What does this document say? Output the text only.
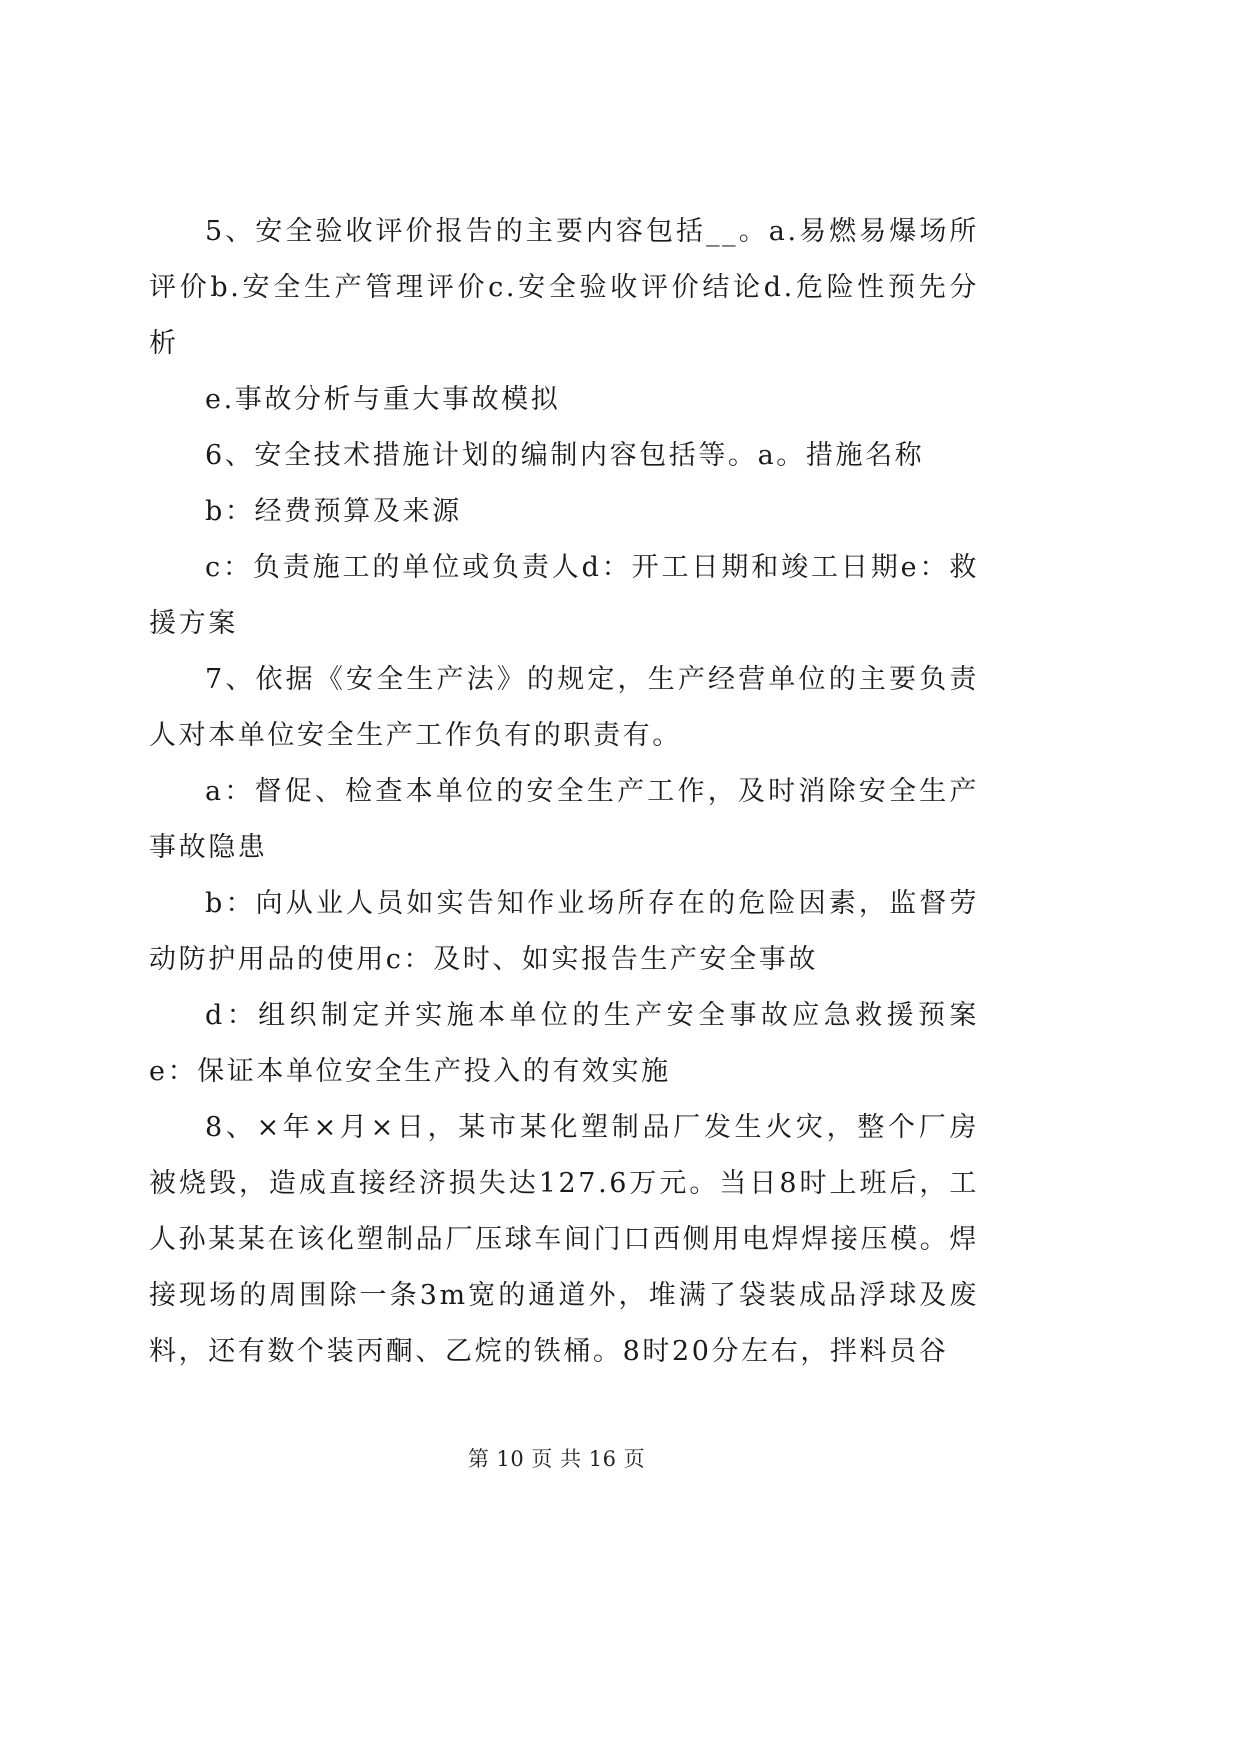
5、安全验收评价报告的主要内容包括__。a.易燃易爆场所评价b.安全生产管理评价c.安全验收评价结论d.危险性预先分析

e.事故分析与重大事故模拟

6、安全技术措施计划的编制内容包括等。a。措施名称

b：经费预算及来源

c：负责施工的单位或负责人d：开工日期和竣工日期e：救援方案

7、依据《安全生产法》的规定，生产经营单位的主要负责人对本单位安全生产工作负有的职责有。

a：督促、检查本单位的安全生产工作，及时消除安全生产事故隐患

b：向从业人员如实告知作业场所存在的危险因素，监督劳动防护用品的使用c：及时、如实报告生产安全事故

d：组织制定并实施本单位的生产安全事故应急救援预案e：保证本单位安全生产投入的有效实施

8、×年×月×日，某市某化塑制品厂发生火灾，整个厂房被烧毁，造成直接经济损失达127.6万元。当日8时上班后，工人孙某某在该化塑制品厂压球车间门口西侧用电焊焊接压模。焊接现场的周围除一条3m宽的通道外，堆满了袋装成品浮球及废料，还有数个装丙酮、乙烷的铁桶。8时20分左右，拌料员谷

第 10 页 共 16 页
